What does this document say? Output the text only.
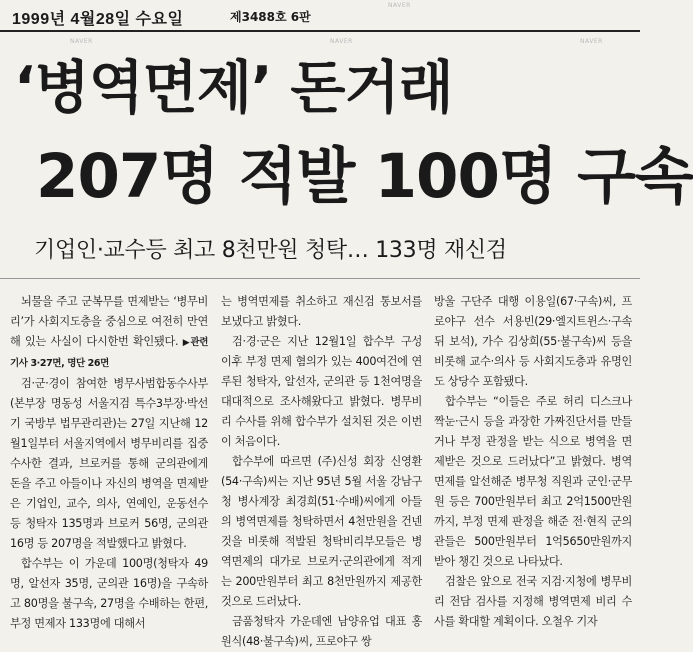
1999년 4월28일 수요일	제3488호 6판
NAVER
NAVER	NAVER	NAVER
‘병역면제’ 돈거래
207명 적발 100명 구속
기업인·교수등 최고 8천만원 청탁… 133명 재신검

뇌물을 주고 군복무를 면제받는 ‘병무비리’가 사회지도층을 중심으로 여전히 만연해 있는 사실이 다시한번 확인됐다. ▶관련기사 3·27면, 명단 26면

검·군·경이 참여한 병무사범합동수사부(본부장 명동성 서울지검 특수3부장·박선기 국방부 법무관리관)는 27일 지난해 12월1일부터 서울지역에서 병무비리를 집중수사한 결과, 브로커를 통해 군의관에게 돈을 주고 아들이나 자신의 병역을 면제받은 기업인, 교수, 의사, 연예인, 운동선수 등 청탁자 135명과 브로커 56명, 군의관 16명 등 207명을 적발했다고 밝혔다.

합수부는 이 가운데 100명(청탁자 49명, 알선자 35명, 군의관 16명)을 구속하고 80명을 불구속, 27명을 수배하는 한편, 부정 면제자 133명에 대해서

는 병역면제를 취소하고 재신검 통보서를 보냈다고 밝혔다.

검·경·군은 지난 12월1일 합수부 구성 이후 부정 면제 혐의가 있는 400여건에 연루된 청탁자, 알선자, 군의관 등 1천여명을 대대적으로 조사해왔다고 밝혔다. 병무비리 수사를 위해 합수부가 설치된 것은 이번이 처음이다.

합수부에 따르면 (주)신성 회장 신영환(54·구속)씨는 지난 95년 5월 서울 강남구청 병사계장 최경희(51·수배)씨에게 아들의 병역면제를 청탁하면서 4천만원을 건넨 것을 비롯해 적발된 청탁비리부모들은 병역면제의 대가로 브로커·군의관에게 적게는 200만원부터 최고 8천만원까지 제공한 것으로 드러났다.

금품청탁자 가운데엔 남양유업 대표 홍원식(48·불구속)씨, 프로야구 쌍

방울 구단주 대행 이용일(67·구속)씨, 프로야구 선수 서용빈(29·엘지트윈스·구속 뒤 보석), 가수 김상희(55·불구속)씨 등을 비롯해 교수·의사 등 사회지도층과 유명인도 상당수 포함됐다.

합수부는 “이들은 주로 허리 디스크나 짝눈·근시 등을 과장한 가짜진단서를 만들거나 부정 관정을 받는 식으로 병역을 면제받은 것으로 드러났다”고 밝혔다. 병역면제를 알선해준 병무청 직원과 군인·군무원 등은 700만원부터 최고 2억1500만원까지, 부정 면제 판정을 해준 전·현직 군의관들은 500만원부터 1억5650만원까지 받아 챙긴 것으로 나타났다.

검찰은 앞으로 전국 지검·지청에 병무비리 전담 검사를 지정해 병역면제 비리 수사를 확대할 계획이다. 오철우 기자
